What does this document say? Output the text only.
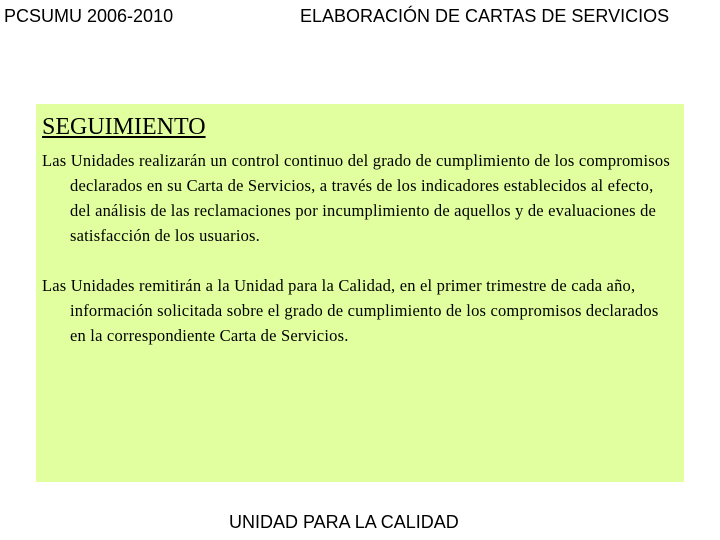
PCSUMU 2006-2010	ELABORACIÓN DE CARTAS DE SERVICIOS
SEGUIMIENTO

Las Unidades realizarán un control continuo del grado de cumplimiento de los compromisos declarados en su Carta de Servicios, a través de los indicadores establecidos al efecto, del análisis de las reclamaciones por incumplimiento de aquellos y de evaluaciones de satisfacción de los usuarios.

Las Unidades remitirán a la Unidad para la Calidad, en el primer trimestre de cada año, información solicitada sobre el grado de cumplimiento de los compromisos declarados en la correspondiente Carta de Servicios.

UNIDAD PARA LA CALIDAD
